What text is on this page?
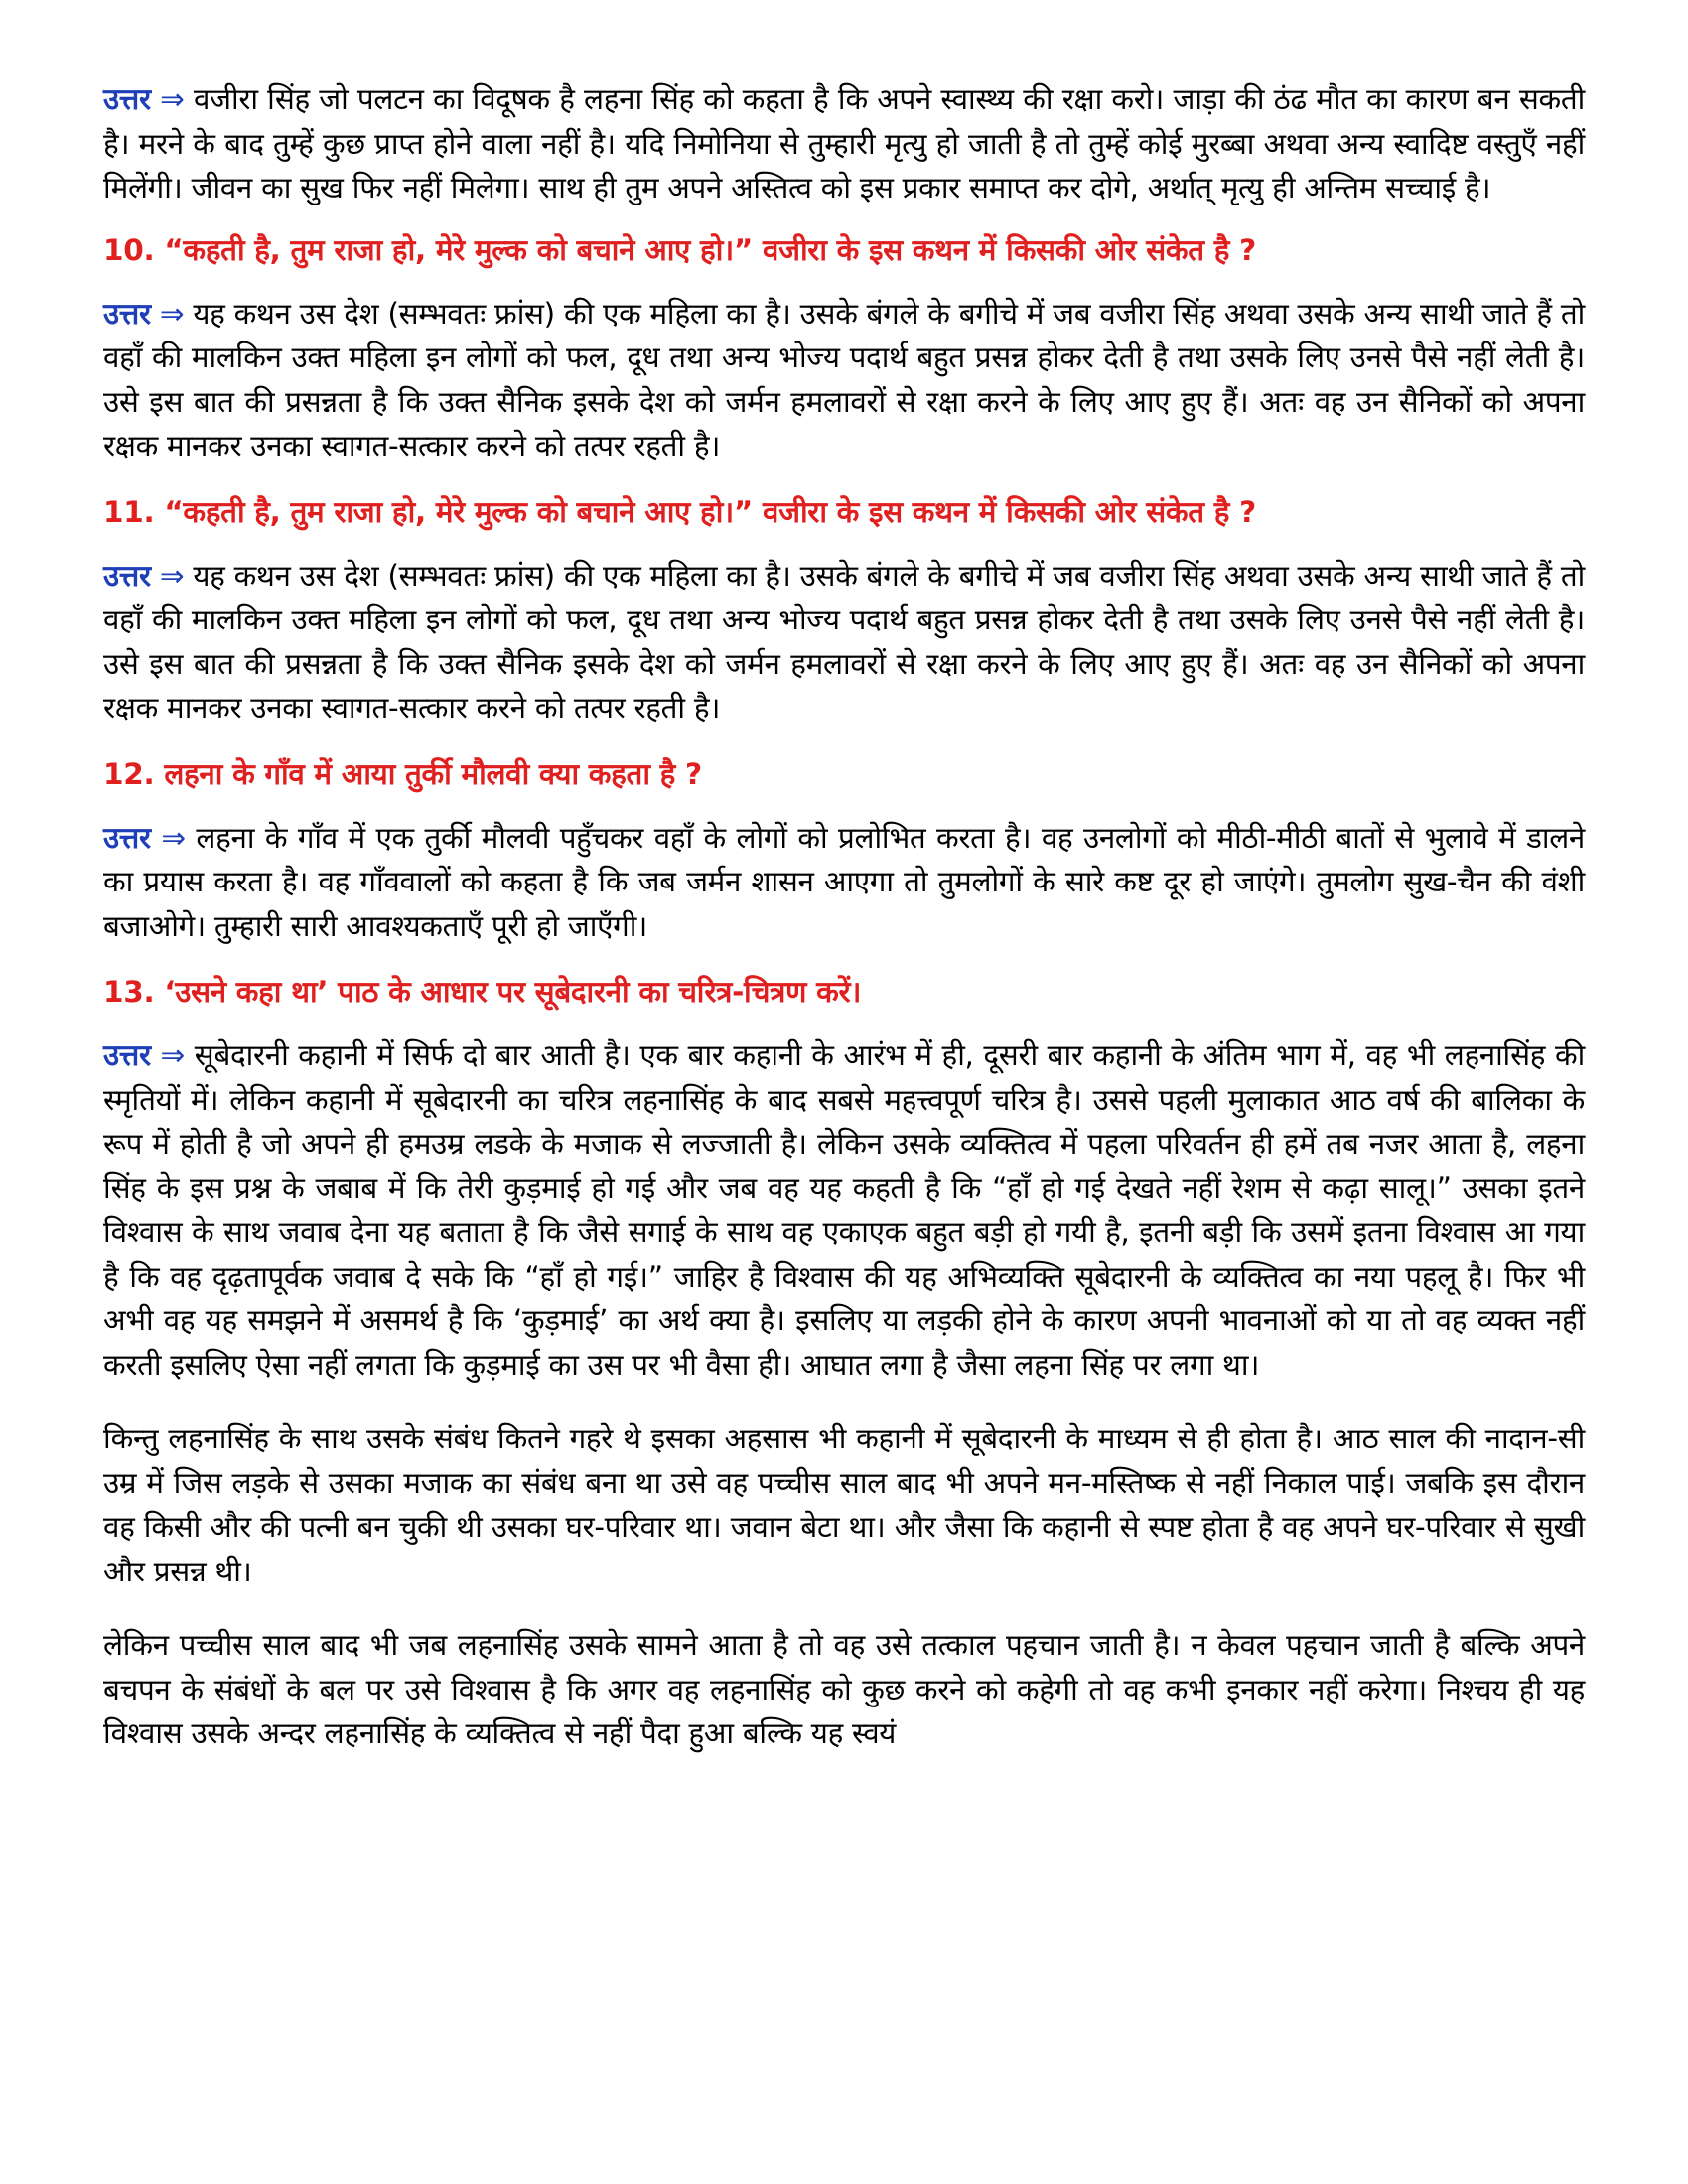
उत्तर ⇒ वजीरा सिंह जो पलटन का विदूषक है लहना सिंह को कहता है कि अपने स्वास्थ्य की रक्षा करो। जाड़ा की ठंढ मौत का कारण बन सकती है। मरने के बाद तुम्हें कुछ प्राप्त होने वाला नहीं है। यदि निमोनिया से तुम्हारी मृत्यु हो जाती है तो तुम्हें कोई मुरब्बा अथवा अन्य स्वादिष्ट वस्तुएँ नहीं मिलेंगी। जीवन का सुख फिर नहीं मिलेगा। साथ ही तुम अपने अस्तित्व को इस प्रकार समाप्त कर दोगे, अर्थात् मृत्यु ही अन्तिम सच्चाई है।

10. “कहती है, तुम राजा हो, मेरे मुल्क को बचाने आए हो।” वजीरा के इस कथन में किसकी ओर संकेत है ?

उत्तर ⇒ यह कथन उस देश (सम्भवतः फ्रांस) की एक महिला का है। उसके बंगले के बगीचे में जब वजीरा सिंह अथवा उसके अन्य साथी जाते हैं तो वहाँ की मालकिन उक्त महिला इन लोगों को फल, दूध तथा अन्य भोज्य पदार्थ बहुत प्रसन्न होकर देती है तथा उसके लिए उनसे पैसे नहीं लेती है। उसे इस बात की प्रसन्नता है कि उक्त सैनिक इसके देश को जर्मन हमलावरों से रक्षा करने के लिए आए हुए हैं। अतः वह उन सैनिकों को अपना रक्षक मानकर उनका स्वागत-सत्कार करने को तत्पर रहती है।

11. “कहती है, तुम राजा हो, मेरे मुल्क को बचाने आए हो।” वजीरा के इस कथन में किसकी ओर संकेत है ?

उत्तर ⇒ यह कथन उस देश (सम्भवतः फ्रांस) की एक महिला का है। उसके बंगले के बगीचे में जब वजीरा सिंह अथवा उसके अन्य साथी जाते हैं तो वहाँ की मालकिन उक्त महिला इन लोगों को फल, दूध तथा अन्य भोज्य पदार्थ बहुत प्रसन्न होकर देती है तथा उसके लिए उनसे पैसे नहीं लेती है। उसे इस बात की प्रसन्नता है कि उक्त सैनिक इसके देश को जर्मन हमलावरों से रक्षा करने के लिए आए हुए हैं। अतः वह उन सैनिकों को अपना रक्षक मानकर उनका स्वागत-सत्कार करने को तत्पर रहती है।

12. लहना के गाँव में आया तुर्की मौलवी क्या कहता है ?

उत्तर ⇒ लहना के गाँव में एक तुर्की मौलवी पहुँचकर वहाँ के लोगों को प्रलोभित करता है। वह उनलोगों को मीठी-मीठी बातों से भुलावे में डालने का प्रयास करता है। वह गाँववालों को कहता है कि जब जर्मन शासन आएगा तो तुमलोगों के सारे कष्ट दूर हो जाएंगे। तुमलोग सुख-चैन की वंशी बजाओगे। तुम्हारी सारी आवश्यकताएँ पूरी हो जाएँगी।

13. ‘उसने कहा था’ पाठ के आधार पर सूबेदारनी का चरित्र-चित्रण करें।

उत्तर ⇒ सूबेदारनी कहानी में सिर्फ दो बार आती है। एक बार कहानी के आरंभ में ही, दूसरी बार कहानी के अंतिम भाग में, वह भी लहनासिंह की स्मृतियों में। लेकिन कहानी में सूबेदारनी का चरित्र लहनासिंह के बाद सबसे महत्त्वपूर्ण चरित्र है। उससे पहली मुलाकात आठ वर्ष की बालिका के रूप में होती है जो अपने ही हमउम्र लडके के मजाक से लज्जाती है। लेकिन उसके व्यक्तित्व में पहला परिवर्तन ही हमें तब नजर आता है, लहना सिंह के इस प्रश्न के जबाब में कि तेरी कुड़माई हो गई और जब वह यह कहती है कि “हाँ हो गई देखते नहीं रेशम से कढ़ा सालू।” उसका इतने विश्वास के साथ जवाब देना यह बताता है कि जैसे सगाई के साथ वह एकाएक बहुत बड़ी हो गयी है, इतनी बड़ी कि उसमें इतना विश्वास आ गया है कि वह दृढ़तापूर्वक जवाब दे सके कि “हाँ हो गई।” जाहिर है विश्वास की यह अभिव्यक्ति सूबेदारनी के व्यक्तित्व का नया पहलू है। फिर भी अभी वह यह समझने में असमर्थ है कि ‘कुड़माई’ का अर्थ क्या है। इसलिए या लड़की होने के कारण अपनी भावनाओं को या तो वह व्यक्त नहीं करती इसलिए ऐसा नहीं लगता कि कुड़माई का उस पर भी वैसा ही। आघात लगा है जैसा लहना सिंह पर लगा था।

किन्तु लहनासिंह के साथ उसके संबंध कितने गहरे थे इसका अहसास भी कहानी में सूबेदारनी के माध्यम से ही होता है। आठ साल की नादान-सी उम्र में जिस लड़के से उसका मजाक का संबंध बना था उसे वह पच्चीस साल बाद भी अपने मन-मस्तिष्क से नहीं निकाल पाई। जबकि इस दौरान वह किसी और की पत्नी बन चुकी थी उसका घर-परिवार था। जवान बेटा था। और जैसा कि कहानी से स्पष्ट होता है वह अपने घर-परिवार से सुखी और प्रसन्न थी।

लेकिन पच्चीस साल बाद भी जब लहनासिंह उसके सामने आता है तो वह उसे तत्काल पहचान जाती है। न केवल पहचान जाती है बल्कि अपने बचपन के संबंधों के बल पर उसे विश्वास है कि अगर वह लहनासिंह को कुछ करने को कहेगी तो वह कभी इनकार नहीं करेगा। निश्चय ही यह विश्वास उसके अन्दर लहनासिंह के व्यक्तित्व से नहीं पैदा हुआ बल्कि यह स्वयं
